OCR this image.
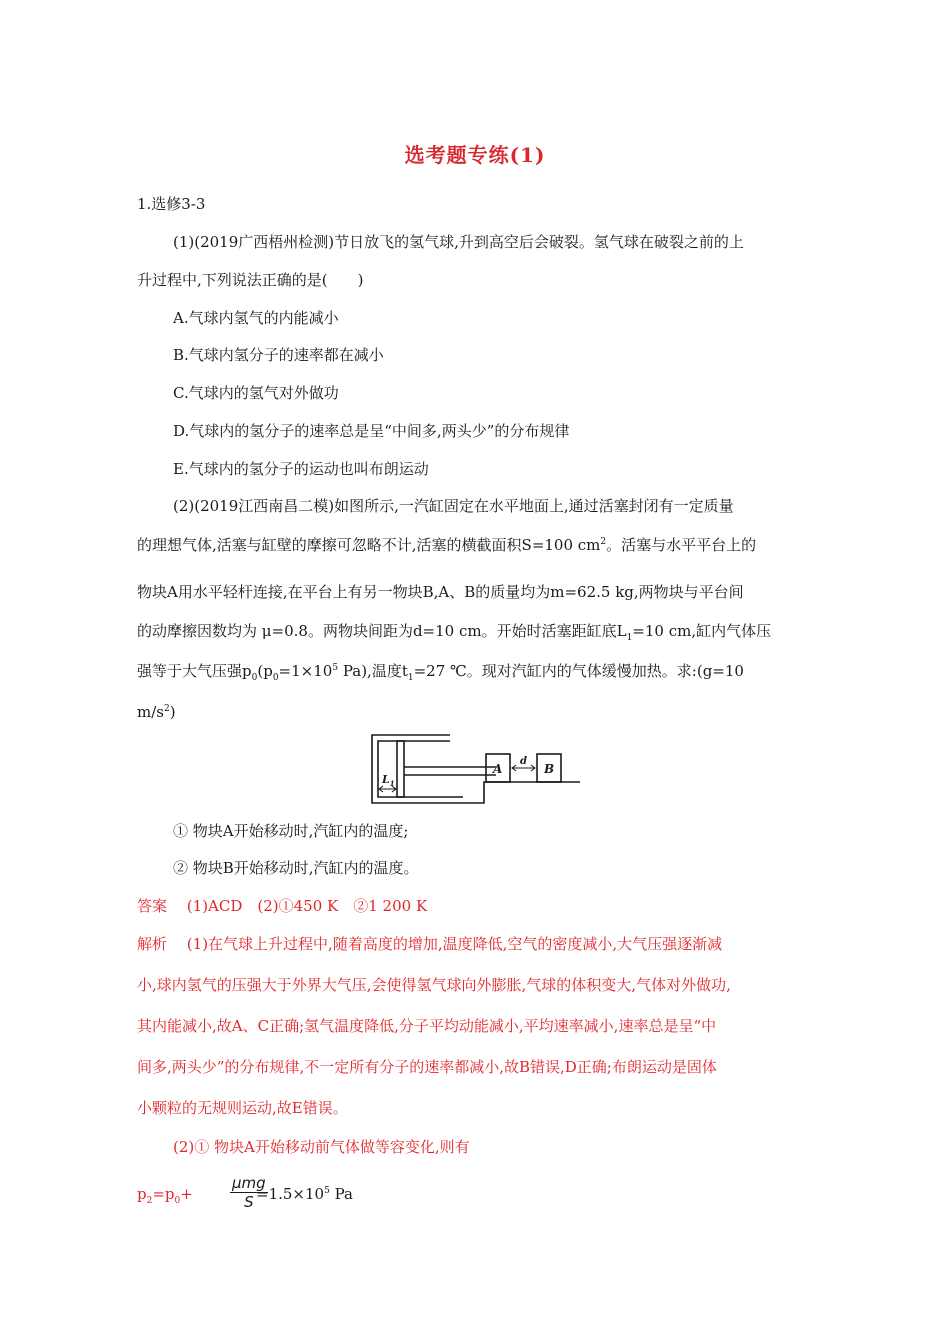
选考题专练(1)
1.选修3-3
(1)(2019广西梧州检测)节日放飞的氢气球,升到高空后会破裂。氢气球在破裂之前的上
升过程中,下列说法正确的是(　　)
A.气球内氢气的内能减小
B.气球内氢分子的速率都在减小
C.气球内的氢气对外做功
D.气球内的氢分子的速率总是呈“中间多,两头少”的分布规律
E.气球内的氢分子的运动也叫布朗运动
(2)(2019江西南昌二模)如图所示,一汽缸固定在水平地面上,通过活塞封闭有一定质量
的理想气体,活塞与缸壁的摩擦可忽略不计,活塞的横截面积S=100 $cm^2$。活塞与水平平台上的
物块A用水平轻杆连接,在平台上有另一物块B,A、B的质量均为m=62.5 kg,两物块与平台间
的动摩擦因数均为 μ=0.8。两物块间距为d=10 cm。开始时活塞距缸底$L_1=10$ cm,缸内气体压
强等于大气压强$p_0(p_0=1\times 10^5$ Pa),温度$t_1=27$ ℃。现对汽缸内的气体缓慢加热。求:(g=10
$m/s^2$)
$L_1$
A	B
d
① 物块A开始移动时,汽缸内的温度;
② 物块B开始移动时,汽缸内的温度。
答案　 (1)ACD　(2)①450 K　②1 200 K
解析　 (1)在气球上升过程中,随着高度的增加,温度降低,空气的密度减小,大气压强逐渐减
小,球内氢气的压强大于外界大气压,会使得氢气球向外膨胀,气球的体积变大,气体对外做功,
其内能减小,故A、C正确;氢气温度降低,分子平均动能减小,平均速率减小,速率总是呈“中
间多,两头少”的分布规律,不一定所有分子的速率都减小,故B错误,D正确;布朗运动是固体
小颗粒的无规则运动,故E错误。
(2)① 物块A开始移动前气体做等容变化,则有
$p_2=p_0+$
μmg
$S =1.5\times 10^5$ Pa
